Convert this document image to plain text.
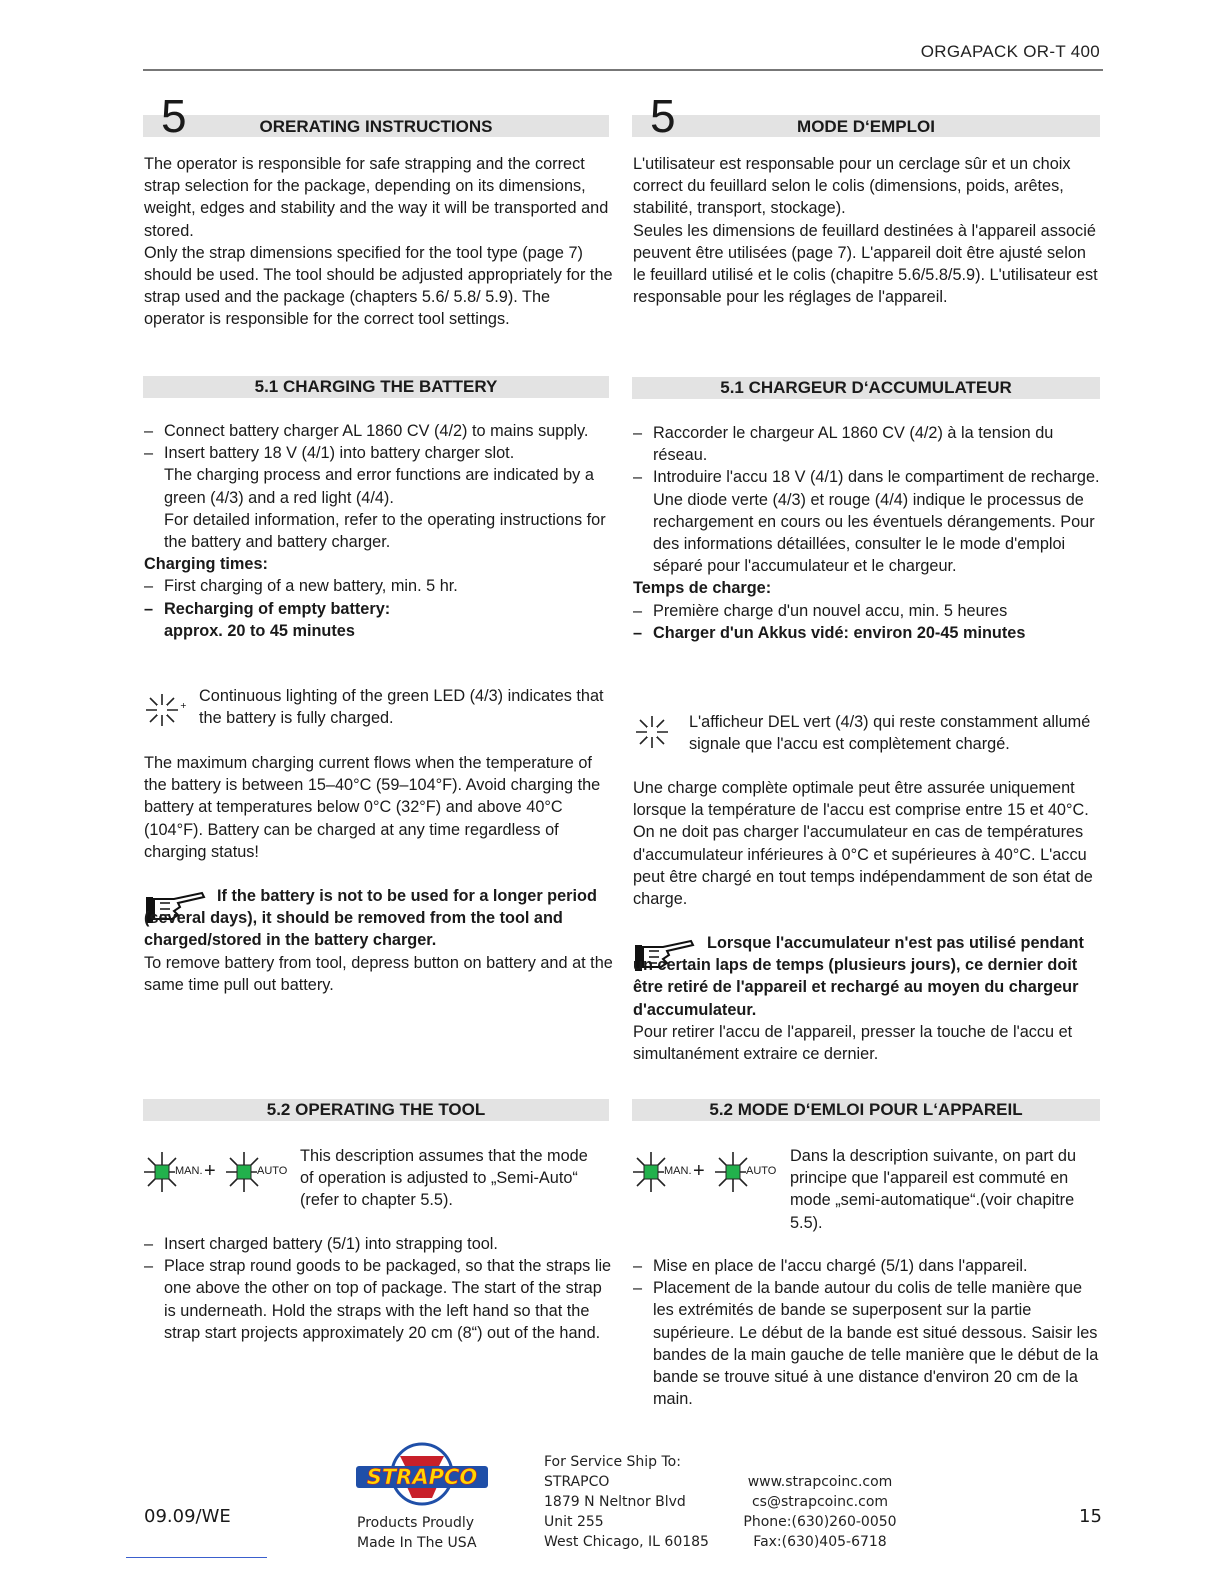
ORGAPACK OR-T 400
5	ORERATING INSTRUCTIONS

The operator is responsible for safe strapping and the correct strap selection for the package, depending on its dimensions, weight, edges and stability and the way it will be transported and stored.

Only the strap dimensions specified for the tool type (page 7) should be used. The tool should be adjusted appropriately for the strap used and the package (chapters 5.6/ 5.8/ 5.9). The operator is responsible for the correct tool settings.

5.1 CHARGING THE BATTERY
– Connect battery charger AL 1860 CV (4/2) to mains supply.
– Insert battery 18 V (4/1) into battery charger slot.

The charging process and error functions are indicated by a green (4/3) and a red light (4/4).

For detailed information, refer to the operating instructions for the battery and battery charger.

Charging times:

– First charging of a new battery, min. 5 hr.
– Recharging of empty battery:
approx. 20 to 45 minutes
+
Continuous lighting of the green LED (4/3) indicates that the battery is fully charged.
The maximum charging current flows when the temperature of the battery is between 15–40°C (59–104°F). Avoid charging the battery at temperatures below 0°C (32°F) and above 40°C (104°F). Battery can be charged at any time regardless of charging status!

If the battery is not to be used for a longer period (several days), it should be removed from the tool and charged/stored in the battery charger.

To remove battery from tool, depress button on battery and at the same time pull out battery.

5.2 OPERATING THE TOOL
MAN. +	AUTO
This description assumes that the mode of operation is adjusted to „Semi-Auto“ (refer to chapter 5.5).
– Insert charged battery (5/1) into strapping tool.
– Place strap round goods to be packaged, so that the straps lie one above the other on top of package. The start of the strap is underneath. Hold the straps with the left hand so that the strap start projects approximately 20 cm (8“) out of the hand.
5	MODE D‘EMPLOI

L'utilisateur est responsable pour un cerclage sûr et un choix correct du feuillard selon le colis (dimensions, poids, arêtes, stabilité, transport, stockage).

Seules les dimensions de feuillard destinées à l'appareil associé peuvent être utilisées (page 7). L'appareil doit être ajusté selon le feuillard utilisé et le colis (chapitre 5.6/5.8/5.9). L'utilisateur est responsable pour les réglages de l'appareil.

5.1 CHARGEUR D‘ACCUMULATEUR
– Raccorder le chargeur AL 1860 CV (4/2) à la tension du réseau.
– Introduire l'accu 18 V (4/1) dans le compartiment de recharge.

Une diode verte (4/3) et rouge (4/4) indique le processus de rechargement en cours ou les éventuels dérangements. Pour des informations détaillées, consulter le le mode d'emploi séparé pour l'accumulateur et le chargeur.

Temps de charge:

– Première charge d'un nouvel accu, min. 5 heures
– Charger d'un Akkus vidé: environ 20-45 minutes
L'afficheur DEL vert (4/3) qui reste constamment allumé signale que l'accu est complètement chargé.
Une charge complète optimale peut être assurée uniquement lorsque la température de l'accu est comprise entre 15 et 40°C. On ne doit pas charger l'accumulateur en cas de températures d'accumulateur inférieures à 0°C et supérieures à 40°C. L'accu peut être chargé en tout temps indépendamment de son état de charge.

Lorsque l'accumulateur n'est pas utilisé pendant un certain laps de temps (plusieurs jours), ce dernier doit être retiré de l'appareil et rechargé au moyen du chargeur d'accumulateur.

Pour retirer l'accu de l'appareil, presser la touche de l'accu et simultanément extraire ce dernier.

5.2 MODE D‘EMLOI POUR L‘APPAREIL
MAN. +	AUTO
Dans la description suivante, on part du principe que l'appareil est commuté en mode „semi-automatique“.(voir chapitre 5.5).
– Mise en place de l'accu chargé (5/1) dans l'appareil.
– Placement de la bande autour du colis de telle manière que les extrémités de bande se superposent sur la partie supérieure. Le début de la bande est situé dessous. Saisir les bandes de la main gauche de telle manière que le début de la bande se trouve situé à une distance d'environ 20 cm de la main.
09.09/WE
STRAPCO
Products Proudly
Made In The USA
For Service Ship To:
STRAPCO
1879 N Neltnor Blvd
Unit 255
West Chicago, IL 60185
www.strapcoinc.com
cs@strapcoinc.com
Phone:(630)260-0050
Fax:(630)405-6718
15
